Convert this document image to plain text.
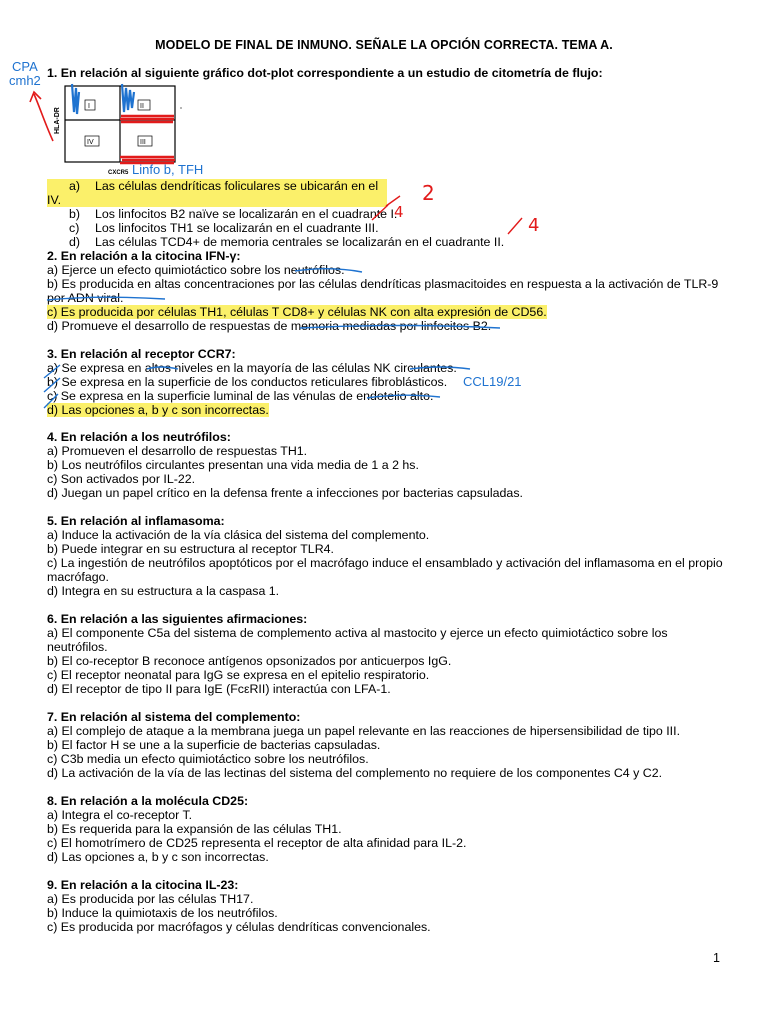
MODELO DE FINAL DE INMUNO. SEÑALE LA OPCIÓN CORRECTA. TEMA A.
CPA
cmh2 1. En relación al siguiente gráfico dot-plot correspondiente a un estudio de citometría de flujo:
HLA-DR
I	II
IV	III
CXCR5 Linfo b, TFH
a) Las células dendríticas foliculares se ubicarán en el IV.
b) Los linfocitos B2 naïve se localizarán en el cuadrante I.
c) Los linfocitos TH1 se localizarán en el cuadrante III.
d) Las células TCD4+ de memoria centrales se localizarán en el cuadrante II.
2
4
4
2. En relación a la citocina IFN-γ:
a) Ejerce un efecto quimiotáctico sobre los neutrófilos.
b) Es producida en altas concentraciones por las células dendríticas plasmacitoides en respuesta a la activación de TLR-9 por ADN viral.
c) Es producida por células TH1, células T CD8+ y células NK con alta expresión de CD56.
d) Promueve el desarrollo de respuestas de memoria mediadas por linfocitos B2.
3. En relación al receptor CCR7:
a) Se expresa en altos niveles en la mayoría de las células NK circulantes.
b) Se expresa en la superficie de los conductos reticulares fibroblásticos.
c) Se expresa en la superficie luminal de las vénulas de endotelio alto.
d) Las opciones a, b y c son incorrectas.
CCL19/21
4. En relación a los neutrófilos:
a) Promueven el desarrollo de respuestas TH1.
b) Los neutrófilos circulantes presentan una vida media de 1 a 2 hs.
c) Son activados por IL-22.
d) Juegan un papel crítico en la defensa frente a infecciones por bacterias capsuladas.
5. En relación al inflamasoma:
a) Induce la activación de la vía clásica del sistema del complemento.
b) Puede integrar en su estructura al receptor TLR4.
c) La ingestión de neutrófilos apoptóticos por el macrófago induce el ensamblado y activación del inflamasoma en el propio macrófago.
d) Integra en su estructura a la caspasa 1.
6. En relación a las siguientes afirmaciones:
a) El componente C5a del sistema de complemento activa al mastocito y ejerce un efecto quimiotáctico sobre los neutrófilos.
b) El co-receptor B reconoce antígenos opsonizados por anticuerpos IgG.
c) El receptor neonatal para IgG se expresa en el epitelio respiratorio.
d) El receptor de tipo II para IgE (FcεRII) interactúa con LFA-1.
7. En relación al sistema del complemento:
a) El complejo de ataque a la membrana juega un papel relevante en las reacciones de hipersensibilidad de tipo III.
b) El factor H se une a la superficie de bacterias capsuladas.
c) C3b media un efecto quimiotáctico sobre los neutrófilos.
d) La activación de la vía de las lectinas del sistema del complemento no requiere de los componentes C4 y C2.
8. En relación a la molécula CD25:
a) Integra el co-receptor T.
b) Es requerida para la expansión de las células TH1.
c) El homotrímero de CD25 representa el receptor de alta afinidad para IL-2.
d) Las opciones a, b y c son incorrectas.
9. En relación a la citocina IL-23:
a) Es producida por las células TH17.
b) Induce la quimiotaxis de los neutrófilos.
c) Es producida por macrófagos y células dendríticas convencionales.
1
